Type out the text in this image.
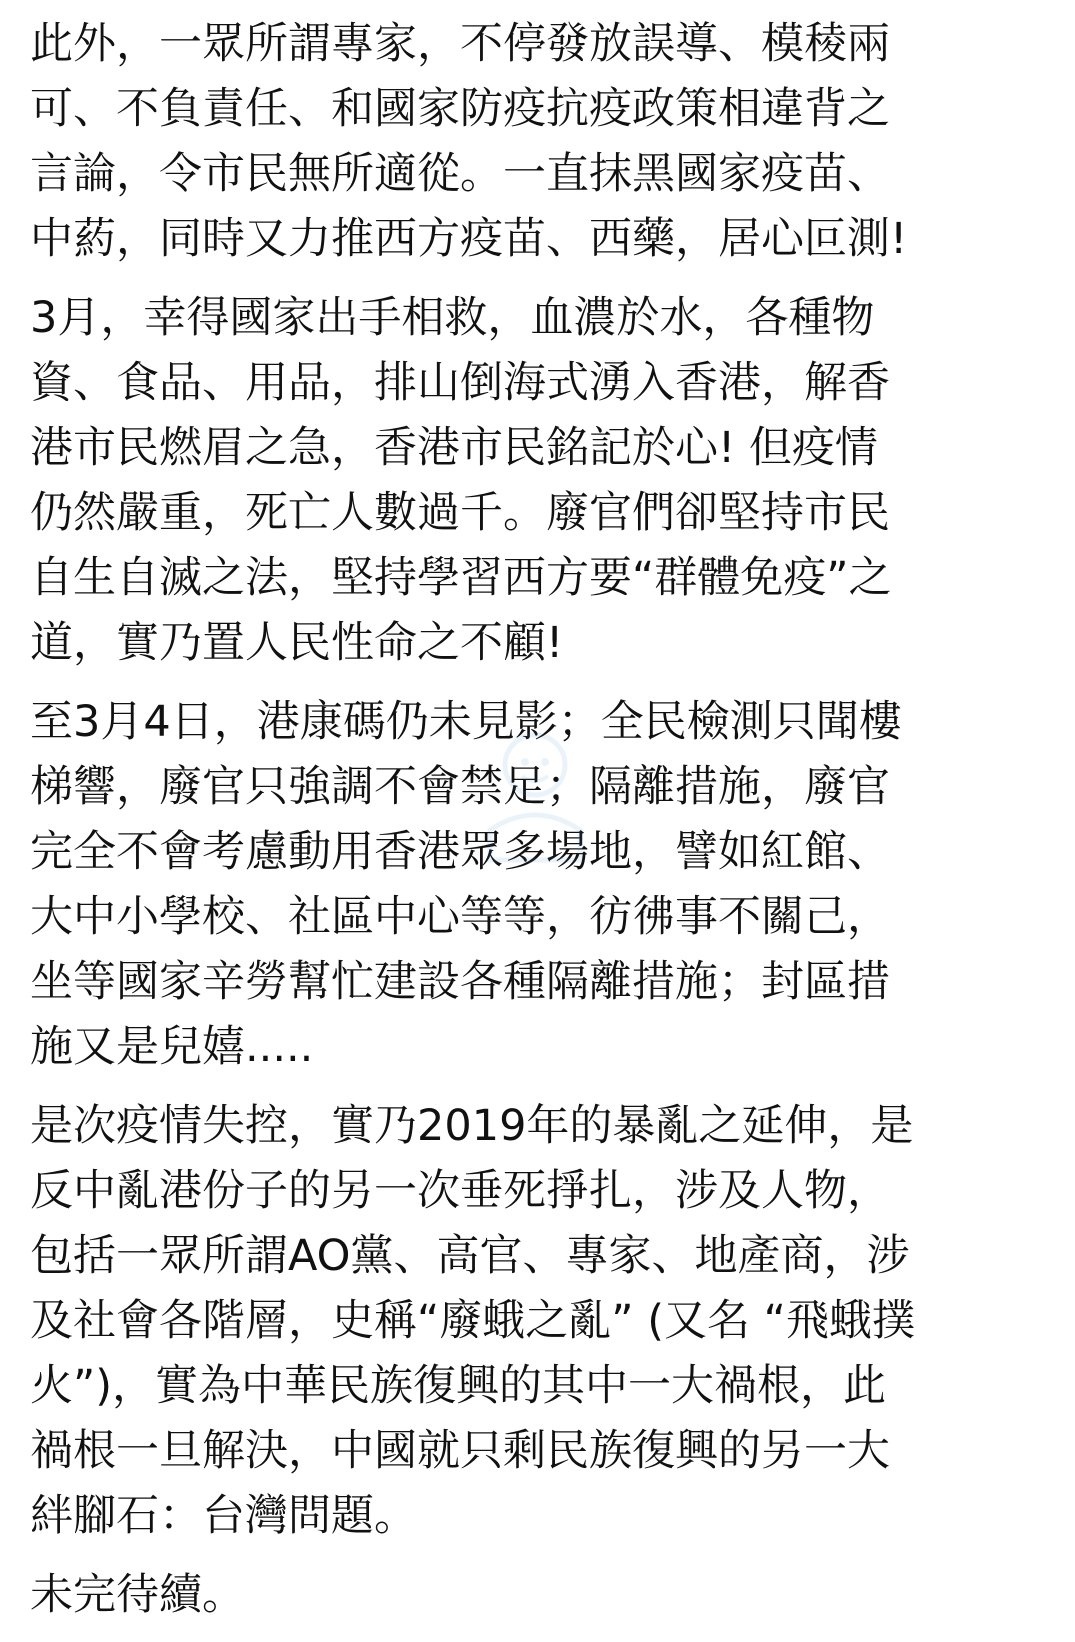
此外，一眾所謂專家，不停發放誤導、模稜兩
可、不負責任、和國家防疫抗疫政策相違背之
言論，令市民無所適從。一直抹黑國家疫苗、
中葯，同時又力推西方疫苗、西藥，居心叵測!
3月，幸得國家出手相救，血濃於水，各種物
資、食品、用品，排山倒海式湧入香港，解香
港市民燃眉之急，香港市民銘記於心! 但疫情
仍然嚴重，死亡人數過千。廢官們卻堅持市民
自生自滅之法，堅持學習西方要“群體免疫”之
道，實乃置人民性命之不顧!
至3月4日，港康碼仍未見影；全民檢測只聞樓
梯響，廢官只強調不會禁足；隔離措施，廢官
完全不會考慮動用香港眾多場地，譬如紅館、
大中小學校、社區中心等等，彷彿事不關己，
坐等國家辛勞幫忙建設各種隔離措施；封區措
施又是兒嬉.....
是次疫情失控，實乃2019年的暴亂之延伸，是
反中亂港份子的另一次垂死掙扎，涉及人物，
包括一眾所謂AO黨、高官、專家、地產商，涉
及社會各階層，史稱“廢蛾之亂” (又名 “飛蛾撲
火”)，實為中華民族復興的其中一大禍根，此
禍根一旦解決，中國就只剩民族復興的另一大
絆腳石：台灣問題。
未完待續。
